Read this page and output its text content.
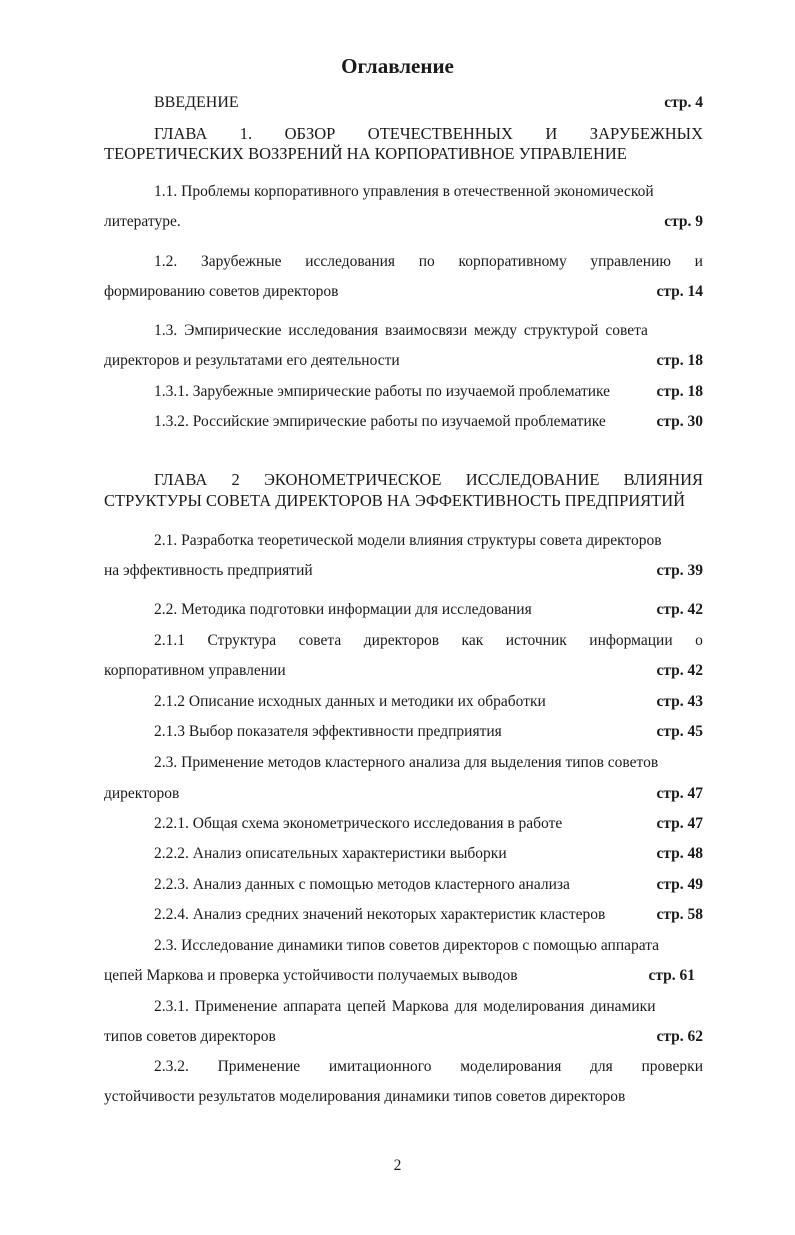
Оглавление
ВВЕДЕНИЕ	стр. 4
ГЛАВА 1. ОБЗОР ОТЕЧЕСТВЕННЫХ И ЗАРУБЕЖНЫХ
ТЕОРЕТИЧЕСКИХ ВОЗЗРЕНИЙ НА КОРПОРАТИВНОЕ УПРАВЛЕНИЕ
1.1. Проблемы корпоративного управления в отечественной экономической
литературе.	стр. 9
1.2. Зарубежные исследования по корпоративному управлению и
формированию советов директоров	стр. 14
1.3. Эмпирические исследования взаимосвязи между структурой совета
директоров и результатами его деятельности	стр. 18
1.3.1. Зарубежные эмпирические работы по изучаемой проблематике	стр. 18
1.3.2. Российские эмпирические работы по изучаемой проблематике	стр. 30
ГЛАВА 2 ЭКОНОМЕТРИЧЕСКОЕ ИССЛЕДОВАНИЕ ВЛИЯНИЯ
СТРУКТУРЫ СОВЕТА ДИРЕКТОРОВ НА ЭФФЕКТИВНОСТЬ ПРЕДПРИЯТИЙ
2.1. Разработка теоретической модели влияния структуры совета директоров
на эффективность предприятий	стр. 39
2.2. Методика подготовки информации для исследования	стр. 42
2.1.1 Структура совета директоров как источник информации о
корпоративном управлении	стр. 42
2.1.2 Описание исходных данных и методики их обработки	стр. 43
2.1.3 Выбор показателя эффективности предприятия	стр. 45
2.3. Применение методов кластерного анализа для выделения типов советов
директоров	стр. 47
2.2.1. Общая схема эконометрического исследования в работе	стр. 47
2.2.2. Анализ описательных характеристики выборки	стр. 48
2.2.3. Анализ данных с помощью методов кластерного анализа	стр. 49
2.2.4. Анализ средних значений некоторых характеристик кластеров	стр. 58
2.3. Исследование динамики типов советов директоров с помощью аппарата
цепей Маркова и проверка устойчивости получаемых выводов	стр. 61
2.3.1. Применение аппарата цепей Маркова для моделирования динамики
типов советов директоров	стр. 62
2.3.2. Применение имитационного моделирования для проверки
устойчивости результатов моделирования динамики типов советов директоров
2
